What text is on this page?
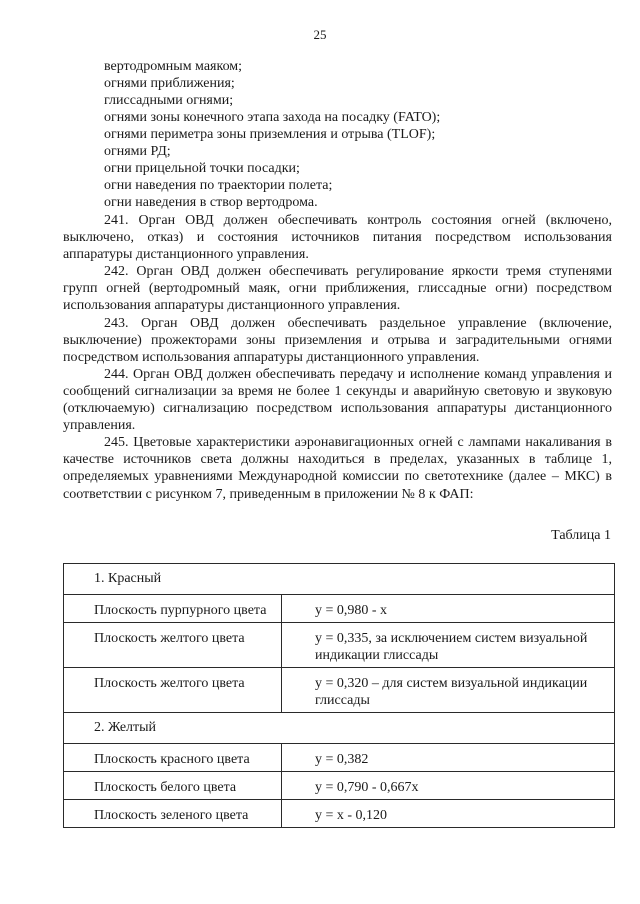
25
вертодромным маяком;
огнями приближения;
глиссадными огнями;
огнями зоны конечного этапа захода на посадку (FATO);
огнями периметра зоны приземления и отрыва (TLOF);
огнями РД;
огни прицельной точки посадки;
огни наведения по траектории полета;
огни наведения в створ вертодрома.
241. Орган ОВД должен обеспечивать контроль состояния огней (включено, выключено, отказ) и состояния источников питания посредством использования аппаратуры дистанционного управления.
242. Орган ОВД должен обеспечивать регулирование яркости тремя ступенями групп огней (вертодромный маяк, огни приближения, глиссадные огни) посредством использования аппаратуры дистанционного управления.
243. Орган ОВД должен обеспечивать раздельное управление (включение, выключение) прожекторами зоны приземления и отрыва и заградительными огнями посредством использования аппаратуры дистанционного управления.
244. Орган ОВД должен обеспечивать передачу и исполнение команд управления и сообщений сигнализации за время не более 1 секунды и аварийную световую и звуковую (отключаемую) сигнализацию посредством использования аппаратуры дистанционного управления.
245. Цветовые характеристики аэронавигационных огней с лампами накаливания в качестве источников света должны находиться в пределах, указанных в таблице 1, определяемых уравнениями Международной комиссии по светотехнике (далее – МКС) в соответствии с рисунком 7, приведенным в приложении № 8 к ФАП:
Таблица 1
1. Красный	
Плоскость пурпурного цвета	y = 0,980 - x
Плоскость желтого цвета	y = 0,335, за исключением систем визуальной индикации глиссады
Плоскость желтого цвета	y = 0,320 – для систем визуальной индикации глиссады
2. Желтый	
Плоскость красного цвета	y = 0,382
Плоскость белого цвета	y = 0,790 - 0,667x
Плоскость зеленого цвета	y = x - 0,120
